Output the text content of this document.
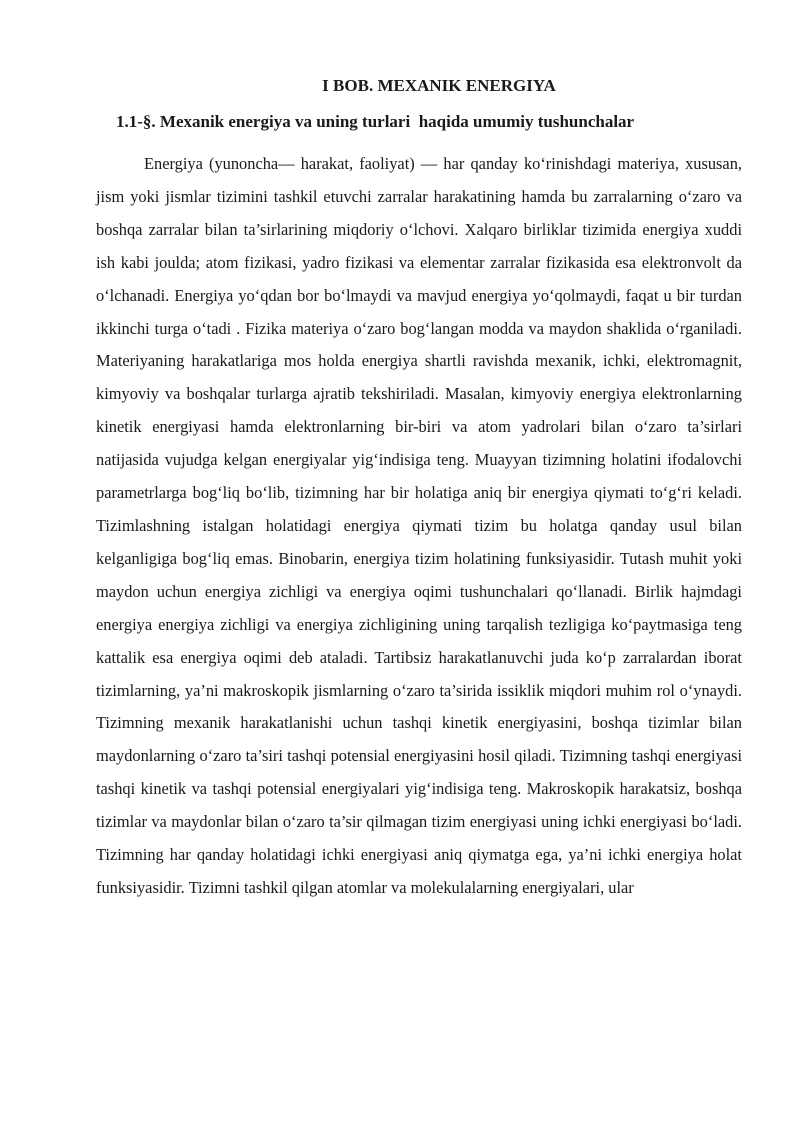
I BOB. MEXANIK ENERGIYA
1.1-§. Mexanik energiya va uning turlari  haqida umumiy tushunchalar

Energiya (yunoncha— harakat, faoliyat) — har qanday ko‘rinishdagi materiya, xususan, jism yoki jismlar tizimini tashkil etuvchi zarralar harakatining hamda bu zarralarning o‘zaro va boshqa zarralar bilan ta’sirlarining miqdoriy o‘lchovi. Xalqaro birliklar tizimida energiya xuddi ish kabi joulda; atom fizikasi, yadro fizikasi va elementar zarralar fizikasida esa elektronvolt da o‘lchanadi. Energiya yo‘qdan bor bo‘lmaydi va mavjud energiya yo‘qolmaydi, faqat u bir turdan ikkinchi turga o‘tadi . Fizika materiya o‘zaro bog‘langan modda va maydon shaklida o‘rganiladi. Materiyaning harakatlariga mos holda energiya shartli ravishda mexanik, ichki, elektromagnit, kimyoviy va boshqalar turlarga ajratib tekshiriladi. Masalan, kimyoviy energiya elektronlarning kinetik energiyasi hamda elektronlarning bir-biri va atom yadrolari bilan o‘zaro ta’sirlari natijasida vujudga kelgan energiyalar yig‘indisiga teng. Muayyan tizimning holatini ifodalovchi parametrlarga bog‘liq bo‘lib, tizimning har bir holatiga aniq bir energiya qiymati to‘g‘ri keladi. Tizimlashning istalgan holatidagi energiya qiymati tizim bu holatga qanday usul bilan kelganligiga bog‘liq emas. Binobarin, energiya tizim holatining funksiyasidir. Tutash muhit yoki maydon uchun energiya zichligi va energiya oqimi tushunchalari qo‘llanadi. Birlik hajmdagi energiya energiya zichligi va energiya zichligining uning tarqalish tezligiga ko‘paytmasiga teng kattalik esa energiya oqimi deb ataladi. Tartibsiz harakatlanuvchi juda ko‘p zarralardan iborat tizimlarning, ya’ni makroskopik jismlarning o‘zaro ta’sirida issiklik miqdori muhim rol o‘ynaydi. Tizimning mexanik harakatlanishi uchun tashqi kinetik energiyasini, boshqa tizimlar bilan maydonlarning o‘zaro ta’siri tashqi potensial energiyasini hosil qiladi. Tizimning tashqi energiyasi tashqi kinetik va tashqi potensial energiyalari yig‘indisiga teng. Makroskopik harakatsiz, boshqa tizimlar va maydonlar bilan o‘zaro ta’sir qilmagan tizim energiyasi uning ichki energiyasi bo‘ladi. Tizimning har qanday holatidagi ichki energiyasi aniq qiymatga ega, ya’ni ichki energiya holat funksiyasidir. Tizimni tashkil qilgan atomlar va molekulalarning energiyalari, ular
